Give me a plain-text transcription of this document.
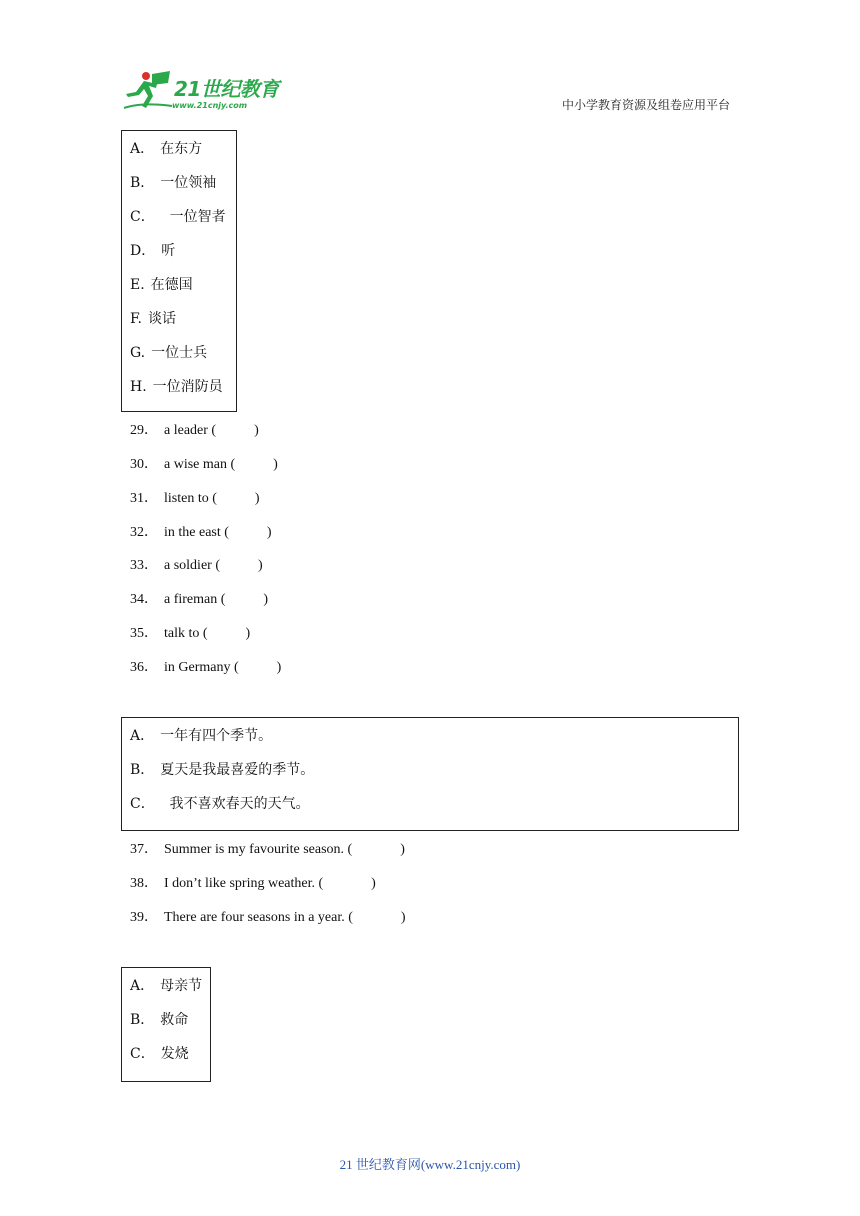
21世纪教育
www.21cnjy.com	中小学教育资源及组卷应用平台
A． 在东方
B． 一位领袖
C．  一位智者
D． 听
E. 在德国
F. 谈话
G. 一位士兵
H. 一位消防员
29． a leader (	)
30． a wise man (	)
31． listen to (	)
32． in the east (	)
33． a soldier (	)
34． a fireman (	)
35． talk to (	)
36． in Germany (	)
A． 一年有四个季节。
B． 夏天是我最喜爱的季节。
C．  我不喜欢春天的天气。
37． Summer is my favourite season. (	)
38． I don’t like spring weather. (	)
39． There are four seasons in a year. (	)
A． 母亲节
B． 救命
C． 发烧
21 世纪教育网(www.21cnjy.com)
